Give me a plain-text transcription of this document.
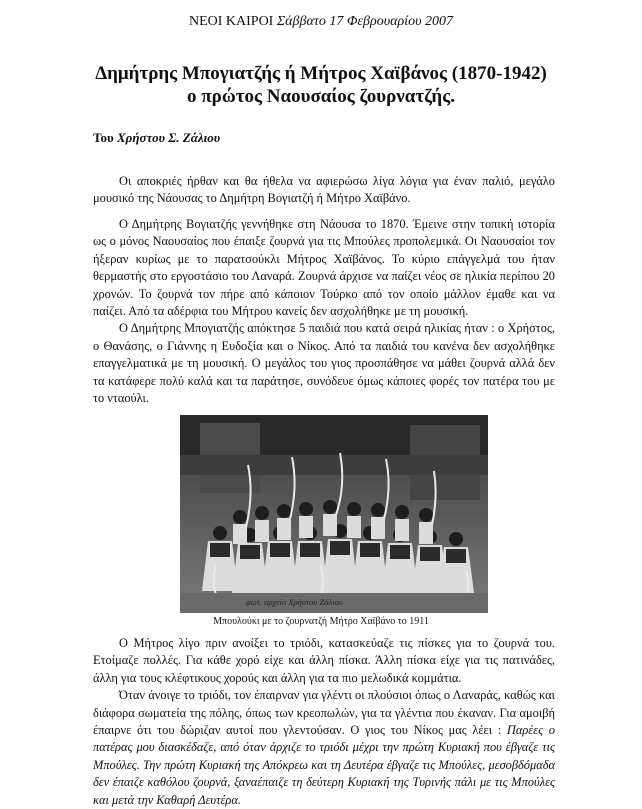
ΝΕΟΙ ΚΑΙΡΟΙ Σάββατο 17 Φεβρουαρίου 2007
Δημήτρης Μπογιατζής ή Μήτρος Χαϊβάνος (1870-1942)
ο πρώτος Ναουσαίος ζουρνατζής.
Του Χρήστου Σ. Ζάλιου

Οι αποκριές ήρθαν και θα ήθελα να αφιερώσω λίγα λόγια για έναν παλιό, μεγάλο μουσικό της Νάουσας το Δημήτρη Βογιατζή ή Μήτρο Χαϊβάνο.

Ο Δημήτρης Βογιατζής γεννήθηκε στη Νάουσα το 1870. Έμεινε στην τοπική ιστορία ως ο μόνος Ναουσαίος που έπαιξε ζουρνά για τις Μπούλες προπολεμικά. Οι Ναουσαίοι τον ήξεραν κυρίως με το παρατσούκλι Μήτρος Χαϊβάνος. Το κύριο επάγγελμά του ήταν θερμαστής στο εργοστάσιο του Λαναρά. Ζουρνά άρχισε να παίζει νέος σε ηλικία περίπου 20 χρονών. Το ζουρνά τον πήρε από κάποιον Τούρκο από τον οποίο μάλλον έμαθε και να παίζει. Από τα αδέρφια του Μήτρου κανείς δεν ασχολήθηκε με τη μουσική.

Ο Δημήτρης Μπογιατζής απόκτησε 5 παιδιά που κατά σειρά ηλικίας ήταν : ο Χρήστος, ο Θανάσης, ο Γιάννης η Ευδοξία και ο Νίκος. Από τα παιδιά του κανένα δεν ασχολήθηκε επαγγελματικά με τη μουσική. Ο μεγάλος του γιος προσπάθησε να μάθει ζουρνά αλλά δεν τα κατάφερε πολύ καλά και τα παράτησε, συνόδευε όμως κάποιες φορές τον πατέρα του με το νταούλι.

φωτ. αρχείο Χρήστου Ζάλιου
Μπουλούκι με το ζουρνατζή Μήτρο Χαϊβάνο το 1911

Ο Μήτρος λίγο πριν ανοίξει το τριόδι, κατασκεύαζε τις πίσκες για το ζουρνά του. Ετοίμαζε πολλές. Για κάθε χορό είχε και άλλη πίσκα. Άλλη πίσκα είχε για τις πατινάδες, άλλη για τους κλέφτικους χορούς και άλλη για τα πιο μελωδικά κομμάτια.

Όταν άνοιγε το τριόδι, τον έπαιρναν για γλέντι οι πλούσιοι όπως ο Λαναράς, καθώς και διάφορα σωματεία της πόλης, όπως των κρεοπωλών, για τα γλέντια που έκαναν. Για αμοιβή έπαιρνε ότι του δώριζαν αυτοί που γλεντούσαν. Ο γιος του Νίκος μας λέει : Παρέες ο πατέρας μου διασκέδαζε, από όταν άρχιζε το τριόδι μέχρι την πρώτη Κυριακή που έβγαζε τις Μπούλες. Την πρώτη Κυριακή της Απόκρεω και τη Δευτέρα έβγαζε τις Μπούλες, μεσοβδόμαδα δεν έπαιζε καθόλου ζουρνά, ξαναέπαιζε τη δεύτερη Κυριακή της Τυρινής πάλι με τις Μπούλες και μετά την Καθαρή Δευτέρα.
